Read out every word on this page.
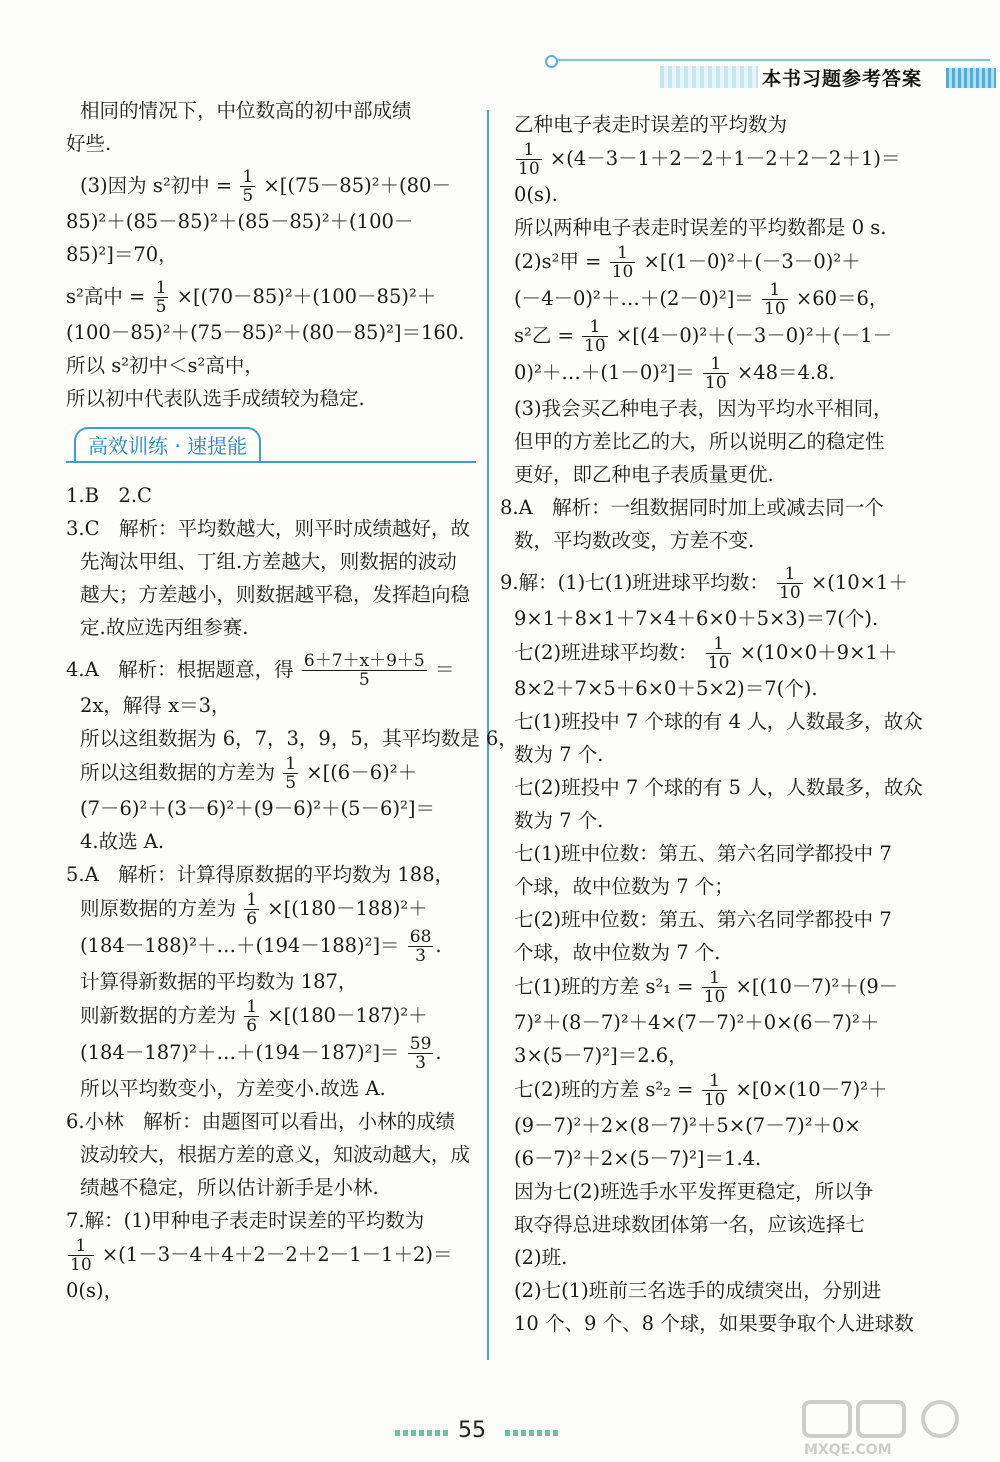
本书习题参考答案
相同的情况下，中位数高的初中部成绩
好些.
(3)因为 s²初中 = $\frac{1}{5} \times[(75-85)^2+(80-$
85)²＋(85－85)²＋(85－85)²＋(100－
85)²]＝70，
s²高中 = $\frac{1}{5} \times[(70-85)^2+(100-85)^2+$
(100－85)²＋(75－85)²＋(80－85)²]＝160.
所以 s²初中＜s²高中，
所以初中代表队选手成绩较为稳定.
高效训练 · 速提能
1.B　2.C
3.C　解析：平均数越大，则平时成绩越好，故
先淘汰甲组、丁组.方差越大，则数据的波动
越大；方差越小，则数据越平稳，发挥趋向稳
定.故应选丙组参赛.
4.A　解析：根据题意，得 $\frac{6+7+x+9+5}{5}$ ＝
2x，解得 x＝3，
所以这组数据为 6，7，3，9，5，其平均数是 6，
所以这组数据的方差为 $\frac{1}{5} \times[(6-6)^2+$
(7－6)²＋(3－6)²＋(9－6)²＋(5－6)²]＝
4.故选 A.
5.A　解析：计算得原数据的平均数为 188，
则原数据的方差为 $\frac{1}{6} \times[(180-188)^2+$
(184－188)²＋…＋(194－188)²]＝ $\frac{68}{3}$ .
计算得新数据的平均数为 187，
则新数据的方差为 $\frac{1}{6} \times[(180-187)^2+$
(184－187)²＋…＋(194－187)²]＝ $\frac{59}{3}$ .
所以平均数变小，方差变小.故选 A.
6.小林　解析：由题图可以看出，小林的成绩
波动较大，根据方差的意义，知波动越大，成
绩越不稳定，所以估计新手是小林.
7.解：(1)甲种电子表走时误差的平均数为
$\frac{1}{10} \times(1-3-4+4+2-2+2-1-1+2)=$
0(s)，
乙种电子表走时误差的平均数为
$\frac{1}{10} \times(4-3-1+2-2+1-2+2-2+1)=$
0(s).
所以两种电子表走时误差的平均数都是 0 s.
(2)s²甲 = $\frac{1}{10} \times[(1-0)^2+(-3-0)^2+$
(－4－0)²＋…＋(2－0)²]＝ $\frac{1}{10} \times 60=6$，
s²乙 = $\frac{1}{10} \times[(4-0)^2+(-3-0)^2+(-1-$
0)²＋…＋(1－0)²]＝ $\frac{1}{10} \times 48=4.8$.
(3)我会买乙种电子表，因为平均水平相同，
但甲的方差比乙的大，所以说明乙的稳定性
更好，即乙种电子表质量更优.
8.A　解析：一组数据同时加上或减去同一个
数，平均数改变，方差不变.
9.解：(1)七(1)班进球平均数： $\frac{1}{10} \times(10\times 1+$
9×1＋8×1＋7×4＋6×0＋5×3)＝7(个).
七(2)班进球平均数： $\frac{1}{10} \times(10\times 0+9\times 1+$
8×2＋7×5＋6×0＋5×2)＝7(个).
七(1)班投中 7 个球的有 4 人，人数最多，故众
数为 7 个.
七(2)班投中 7 个球的有 5 人，人数最多，故众
数为 7 个.
七(1)班中位数：第五、第六名同学都投中 7
个球，故中位数为 7 个；
七(2)班中位数：第五、第六名同学都投中 7
个球，故中位数为 7 个.
七(1)班的方差 $s^2_1 = \frac{1}{10} \times[(10-7)^2+(9-$
7)²＋(8－7)²＋4×(7－7)²＋0×(6－7)²＋
3×(5－7)²]＝2.6，
七(2)班的方差 $s^2_2 = \frac{1}{10} \times[0\times(10-7)^2+$
(9－7)²＋2×(8－7)²＋5×(7－7)²＋0×
(6－7)²＋2×(5－7)²]＝1.4.
因为七(2)班选手水平发挥更稳定，所以争
取夺得总进球数团体第一名，应该选择七
(2)班.
(2)七(1)班前三名选手的成绩突出，分别进
10 个、9 个、8 个球，如果要争取个人进球数
55
MXQE.COM
